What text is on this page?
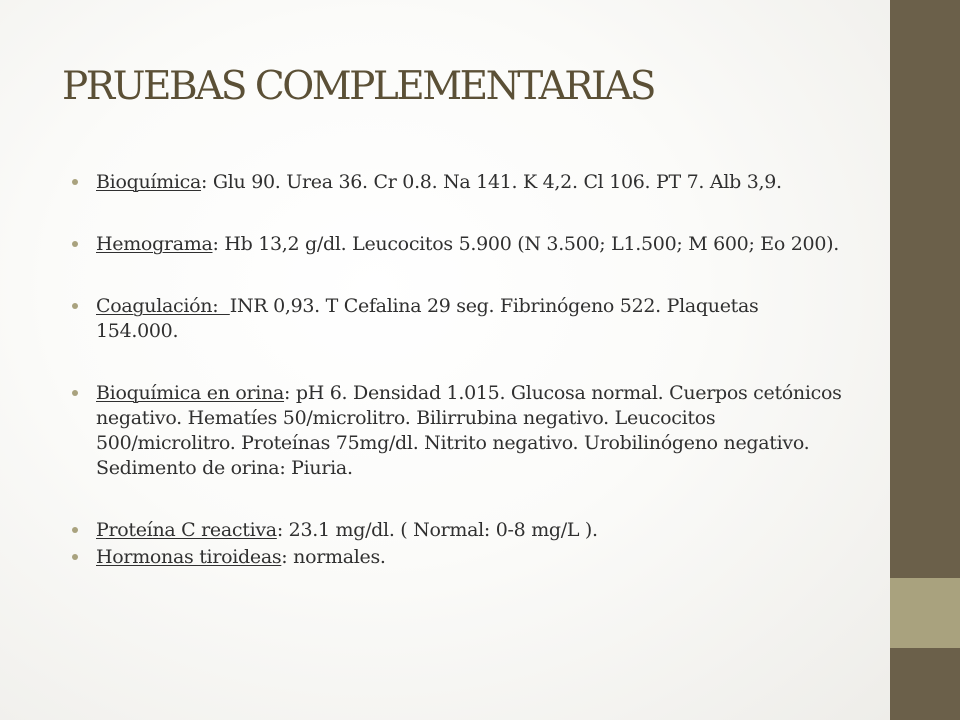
PRUEBAS COMPLEMENTARIAS
Bioquímica: Glu 90. Urea 36. Cr 0.8. Na 141. K 4,2. Cl 106. PT 7. Alb 3,9.
Hemograma: Hb 13,2 g/dl. Leucocitos 5.900 (N 3.500; L1.500; M 600; Eo 200).
Coagulación:  INR 0,93. T Cefalina 29 seg. Fibrinógeno 522. Plaquetas 154.000.
Bioquímica en orina: pH 6. Densidad 1.015. Glucosa normal. Cuerpos cetónicos negativo. Hematíes 50/microlitro. Bilirrubina negativo. Leucocitos 500/microlitro. Proteínas 75mg/dl. Nitrito negativo. Urobilinógeno negativo. Sedimento de orina: Piuria.
Proteína C reactiva: 23.1 mg/dl. ( Normal: 0-8 mg/L ).
Hormonas tiroideas: normales.
